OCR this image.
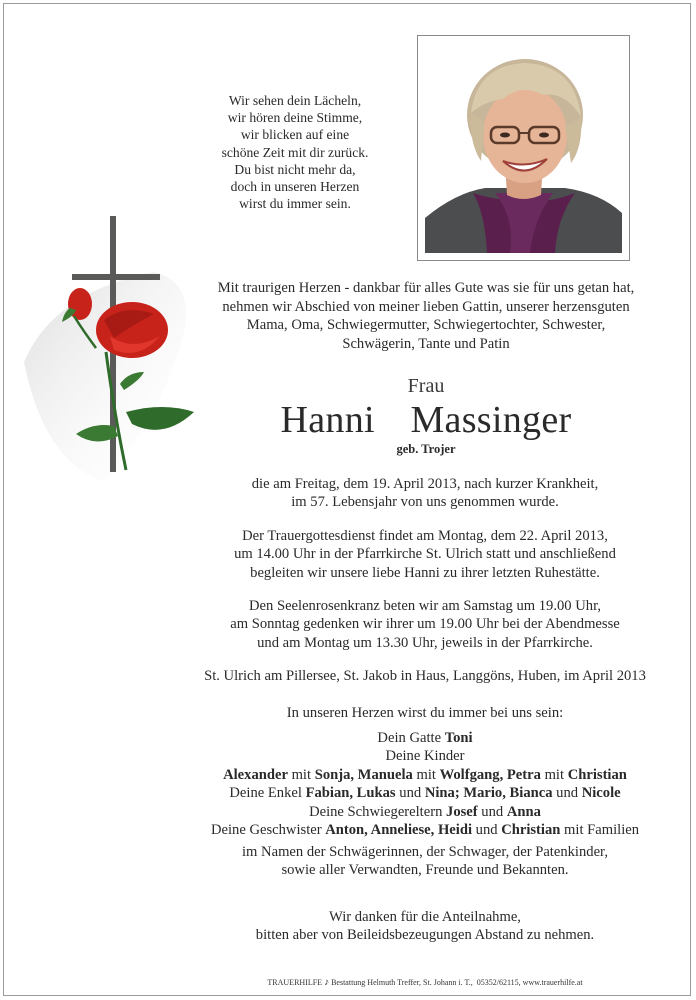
Wir sehen dein Lächeln,
wir hören deine Stimme,
wir blicken auf eine
schöne Zeit mit dir zurück.
Du bist nicht mehr da,
doch in unseren Herzen
wirst du immer sein.
Mit traurigen Herzen - dankbar für alles Gute was sie für uns getan hat,
nehmen wir Abschied von meiner lieben Gattin, unserer herzensguten
Mama, Oma, Schwiegermutter, Schwiegertochter, Schwester,
Schwägerin, Tante und Patin
Frau
Hanni  Massinger
geb. Trojer
die am Freitag, dem 19. April 2013, nach kurzer Krankheit,
im 57. Lebensjahr von uns genommen wurde.
Der Trauergottesdienst findet am Montag, dem 22. April 2013,
um 14.00 Uhr in der Pfarrkirche St. Ulrich statt und anschließend
begleiten wir unsere liebe Hanni zu ihrer letzten Ruhestätte.
Den Seelenrosenkranz beten wir am Samstag um 19.00 Uhr,
am Sonntag gedenken wir ihrer um 19.00 Uhr bei der Abendmesse
und am Montag um 13.30 Uhr, jeweils in der Pfarrkirche.
St. Ulrich am Pillersee, St. Jakob in Haus, Langgöns, Huben, im April 2013
In unseren Herzen wirst du immer bei uns sein:
Dein Gatte Toni
Deine Kinder
Alexander mit Sonja, Manuela mit Wolfgang, Petra mit Christian
Deine Enkel Fabian, Lukas und Nina; Mario, Bianca und Nicole
Deine Schwiegereltern Josef und Anna
Deine Geschwister Anton, Anneliese, Heidi und Christian mit Familien
im Namen der Schwägerinnen, der Schwager, der Patenkinder,
sowie aller Verwandten, Freunde und Bekannten.
Wir danken für die Anteilnahme,
bitten aber von Beileidsbezeugungen Abstand zu nehmen.
TRAUERHILFE ♪ Bestattung Helmuth Treffer, St. Johann i. T.,  05352/62115, www.trauerhilfe.at
